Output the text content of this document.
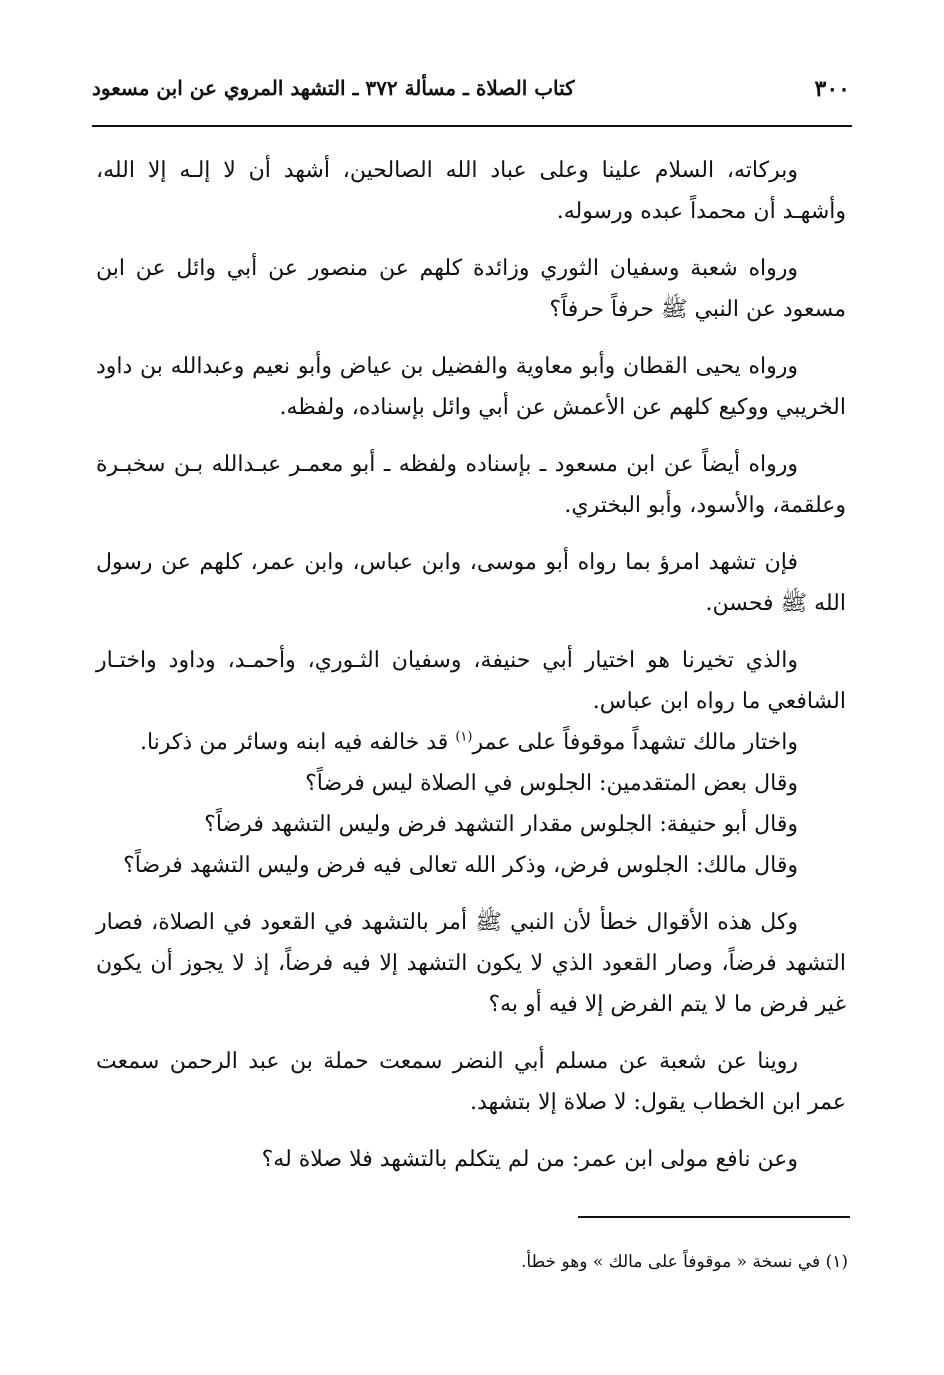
٣٠٠
كتاب الصلاة ـ مسألة ٣٧٢ ـ التشهد المروي عن ابن مسعود

وبركاته، السلام علينا وعلى عباد الله الصالحين، أشهد أن لا إلـه إلا الله، وأشهـد أن محمداً عبده ورسوله.

ورواه شعبة وسفيان الثوري وزائدة كلهم عن منصور عن أبي وائل عن ابن مسعود عن النبي ﷺ حرفاً حرفاً؟

ورواه يحيى القطان وأبو معاوية والفضيل بن عياض وأبو نعيم وعبدالله بن داود الخريبي ووكيع كلهم عن الأعمش عن أبي وائل بإسناده، ولفظه.

ورواه أيضاً عن ابن مسعود ـ بإسناده ولفظه ـ أبو معمـر عبـدالله بـن سخبـرة وعلقمة، والأسود، وأبو البختري.

فإن تشهد امرؤ بما رواه أبو موسى، وابن عباس، وابن عمر، كلهم عن رسول الله ﷺ فحسن.

والذي تخيرنا هو اختيار أبي حنيفة، وسفيان الثـوري، وأحمـد، وداود واختـار الشافعي ما رواه ابن عباس.

واختار مالك تشهداً موقوفاً على عمر$^{(١)}$ قد خالفه فيه ابنه وسائر من ذكرنا.

وقال بعض المتقدمين: الجلوس في الصلاة ليس فرضاً؟

وقال أبو حنيفة: الجلوس مقدار التشهد فرض وليس التشهد فرضاً؟

وقال مالك: الجلوس فرض، وذكر الله تعالى فيه فرض وليس التشهد فرضاً؟

وكل هذه الأقوال خطأ لأن النبي ﷺ أمر بالتشهد في القعود في الصلاة، فصار التشهد فرضاً، وصار القعود الذي لا يكون التشهد إلا فيه فرضاً، إذ لا يجوز أن يكون غير فرض ما لا يتم الفرض إلا فيه أو به؟

روينا عن شعبة عن مسلم أبي النضر سمعت حملة بن عبد الرحمن سمعت عمر ابن الخطاب يقول: لا صلاة إلا بتشهد.

وعن نافع مولى ابن عمر: من لم يتكلم بالتشهد فلا صلاة له؟

(١) في نسخة « موقوفاً على مالك » وهو خطأ.
